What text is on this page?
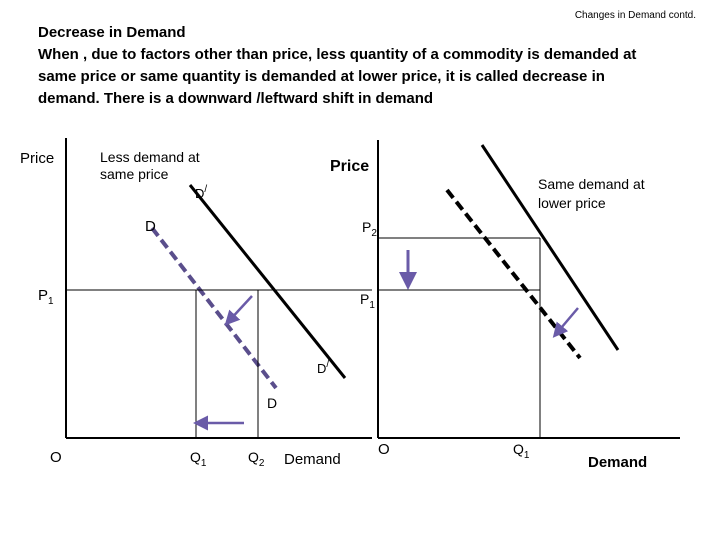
Changes in Demand contd.
Decrease in Demand
When , due to factors other than price, less quantity of a commodity is demanded at
same price or same quantity is demanded at lower price, it is called decrease in
demand. There is a downward /leftward shift in demand
Price	Less demand at
same price
D
D/
D/
D
$P_1$
O	$Q_1$	$Q_2$ Demand
Price
Same demand at
lower price
$P_2$
$P_1$
O	$Q_1$	Demand
